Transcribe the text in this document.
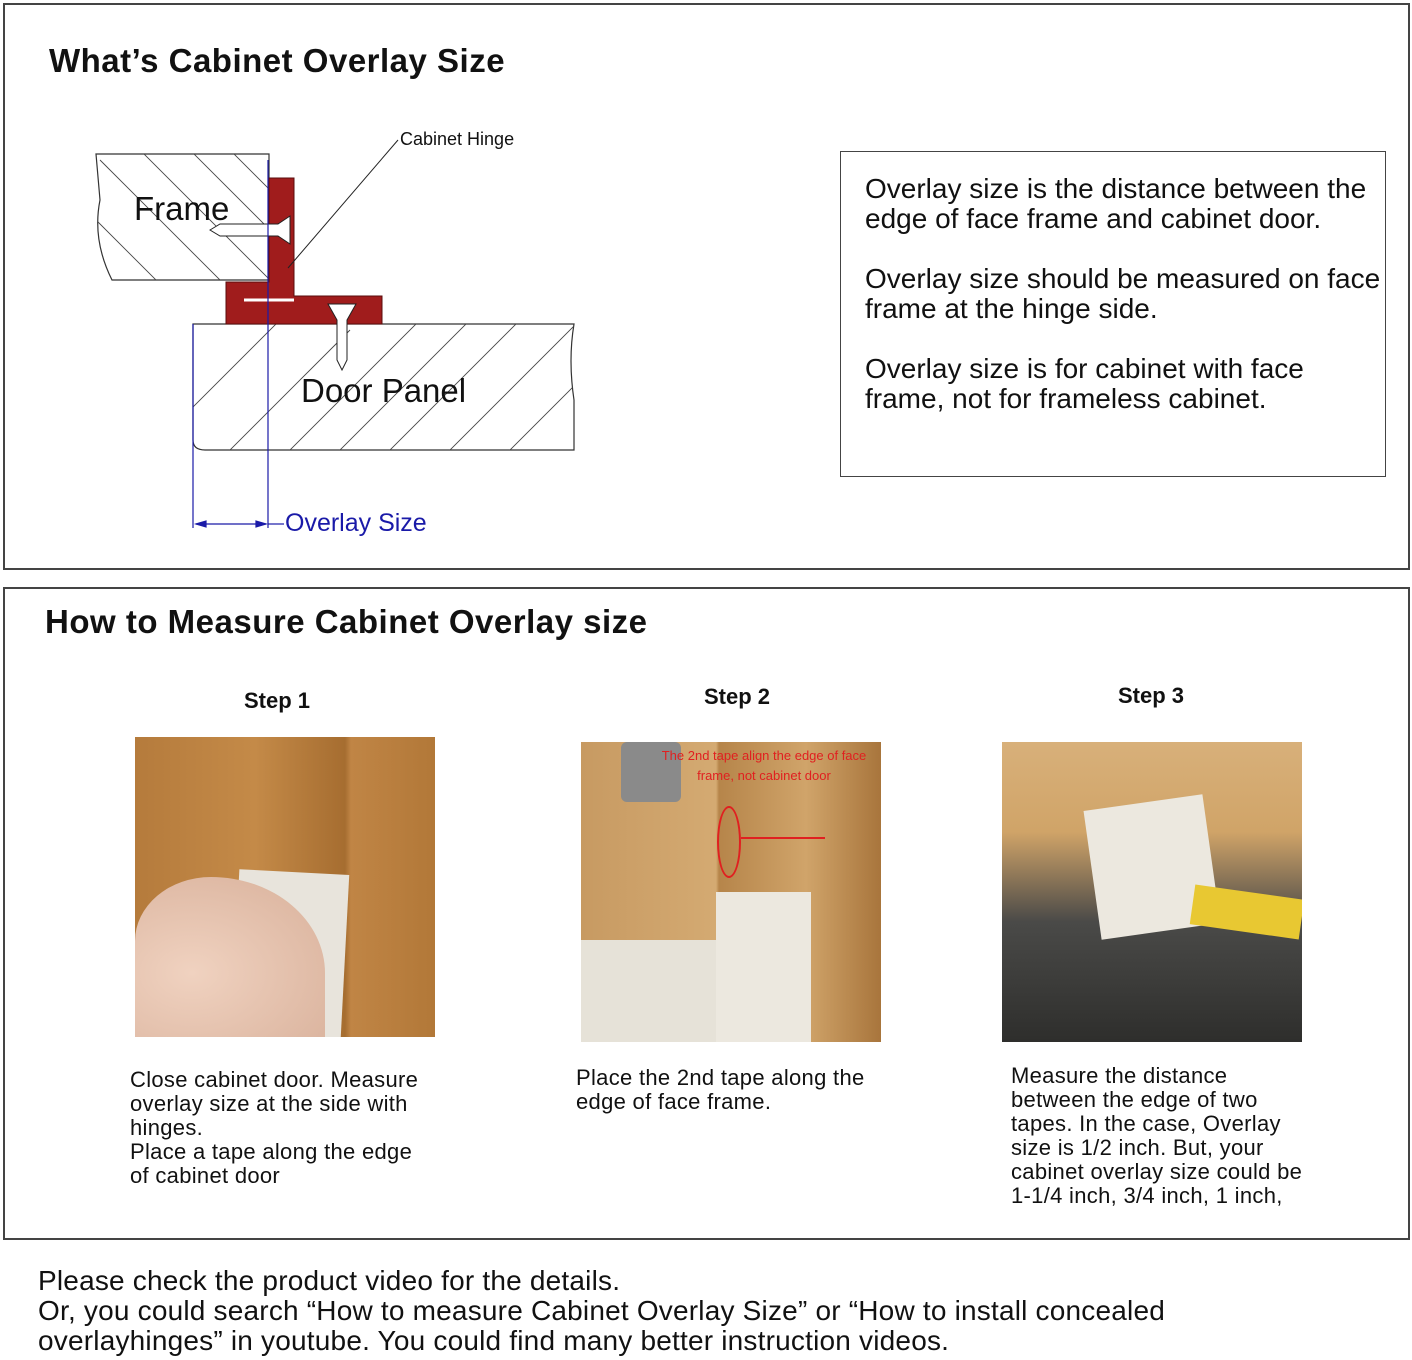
What’s Cabinet Overlay Size
Cabinet Hinge
Frame
Door Panel
Overlay Size

Overlay size is the distance between the edge of face frame and cabinet door.

Overlay size should be measured on face frame at the hinge side.

Overlay size is for cabinet with face frame, not for frameless cabinet.

How to Measure Cabinet Overlay size
Step 1	Step 2	Step 3
The 2nd tape align the edge of face frame, not cabinet door
Close cabinet door. Measure
overlay size at the side with
hinges.
Place a tape along the edge
of cabinet door
Place the 2nd tape along the
edge of face frame.
Measure the distance
between the edge of two
tapes. In the case, Overlay
size is 1/2 inch. But, your
cabinet overlay size could be
1-1/4 inch, 3/4 inch, 1 inch,
Please check the product video for the details.
Or, you could search “How to measure Cabinet Overlay Size” or “How to install concealed
overlayhinges” in youtube. You could find many better instruction videos.
